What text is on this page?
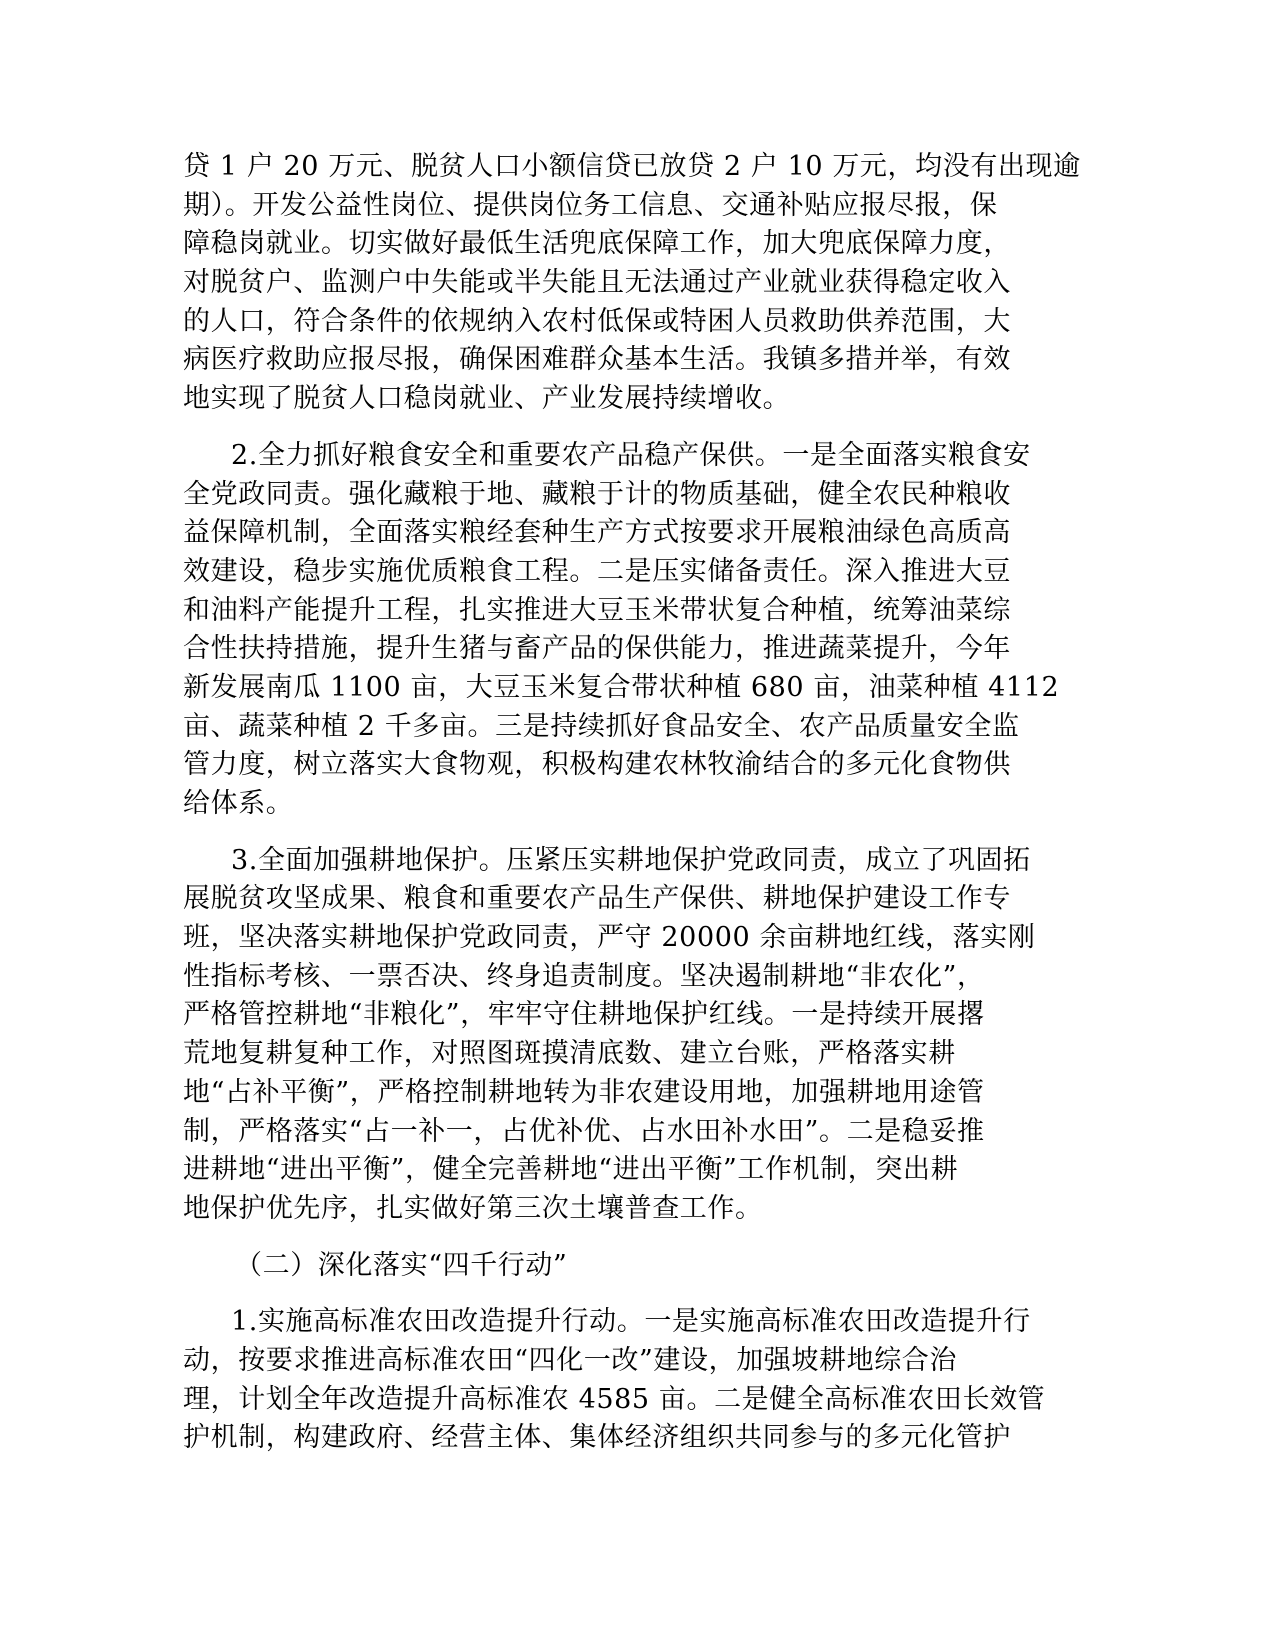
贷 1 户 20 万元、脱贫人口小额信贷已放贷 2 户 10 万元，均没有出现逾
期）。开发公益性岗位、提供岗位务工信息、交通补贴应报尽报，保
障稳岗就业。切实做好最低生活兜底保障工作，加大兜底保障力度，
对脱贫户、监测户中失能或半失能且无法通过产业就业获得稳定收入
的人口，符合条件的依规纳入农村低保或特困人员救助供养范围，大
病医疗救助应报尽报，确保困难群众基本生活。我镇多措并举，有效
地实现了脱贫人口稳岗就业、产业发展持续增收。
2.全力抓好粮食安全和重要农产品稳产保供。一是全面落实粮食安
全党政同责。强化藏粮于地、藏粮于计的物质基础，健全农民种粮收
益保障机制，全面落实粮经套种生产方式按要求开展粮油绿色高质高
效建设，稳步实施优质粮食工程。二是压实储备责任。深入推进大豆
和油料产能提升工程，扎实推进大豆玉米带状复合种植，统筹油菜综
合性扶持措施，提升生猪与畜产品的保供能力，推进蔬菜提升，今年
新发展南瓜 1100 亩，大豆玉米复合带状种植 680 亩，油菜种植 4112
亩、蔬菜种植 2 千多亩。三是持续抓好食品安全、农产品质量安全监
管力度，树立落实大食物观，积极构建农林牧渝结合的多元化食物供
给体系。
3.全面加强耕地保护。压紧压实耕地保护党政同责，成立了巩固拓
展脱贫攻坚成果、粮食和重要农产品生产保供、耕地保护建设工作专
班，坚决落实耕地保护党政同责，严守 20000 余亩耕地红线，落实刚
性指标考核、一票否决、终身追责制度。坚决遏制耕地“非农化”，
严格管控耕地“非粮化”，牢牢守住耕地保护红线。一是持续开展撂
荒地复耕复种工作，对照图斑摸清底数、建立台账，严格落实耕
地“占补平衡”，严格控制耕地转为非农建设用地，加强耕地用途管
制，严格落实“占一补一，占优补优、占水田补水田”。二是稳妥推
进耕地“进出平衡”，健全完善耕地“进出平衡”工作机制，突出耕
地保护优先序，扎实做好第三次土壤普查工作。
（二）深化落实“四千行动”
1.实施高标准农田改造提升行动。一是实施高标准农田改造提升行
动，按要求推进高标准农田“四化一改”建设，加强坡耕地综合治
理，计划全年改造提升高标准农 4585 亩。二是健全高标准农田长效管
护机制，构建政府、经营主体、集体经济组织共同参与的多元化管护
